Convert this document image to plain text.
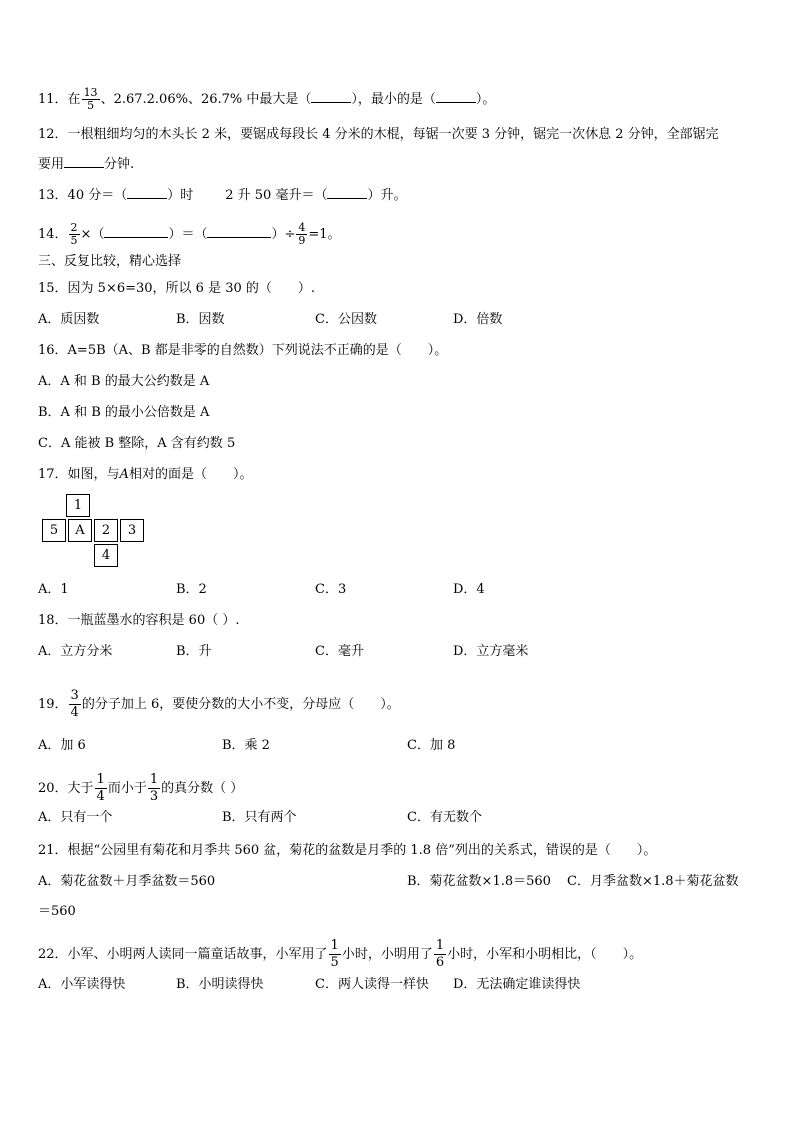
11．在 $\frac{13}{5}$ 、2.67.2.06%、26.7% 中最大是（	），最小的是（	）。
12．一根粗细均匀的木头长 2 米，要锯成每段长 4 分米的木棍，每锯一次要 3 分钟，锯完一次休息 2 分钟，全部锯完
要用	分钟.
13．40 分＝（	）时 2 升 50 毫升＝（	）升。
14． $\frac{2}{5}$ ×（	）＝（	）÷ $\frac{4}{9} =1$。
三、反复比较，精心选择
15．因为 5×6=30，所以 6 是 30 的（　　）.
A．质因数	B．因数	C．公因数	D．倍数
16．A=5B（A、B 都是非零的自然数）下列说法不正确的是（　　）。
A．A 和 B 的最大公约数是 A
B．A 和 B 的最小公倍数是 A
C．A 能被 B 整除，A 含有约数 5
17．如图，与A相对的面是（　　）。
1
5	A	2	3
4
A．1	B．2	C．3	D．4
18．一瓶蓝墨水的容积是 60（ ）.
A．立方分米	B．升	C．毫升	D．立方毫米
19． $\frac{3}{4}$ 的分子加上 6，要使分数的大小不变，分母应（　　）。
A．加 6	B．乘 2	C．加 8
20．大于 $\frac{1}{4}$ 而小于 $\frac{1}{3}$ 的真分数（ ）
A．只有一个	B．只有两个	C．有无数个
21．根据“公园里有菊花和月季共 560 盆，菊花的盆数是月季的 1.8 倍”列出的关系式，错误的是（　　）。
A．菊花盆数＋月季盆数＝560	B．菊花盆数×1.8＝560 C．月季盆数×1.8＋菊花盆数
＝560
22．小军、小明两人读同一篇童话故事，小军用了 $\frac{1}{5}$ 小时，小明用了 $\frac{1}{6}$ 小时，小军和小明相比，（　　）。
A．小军读得快	B．小明读得快	C．两人读得一样快 D．无法确定谁读得快
